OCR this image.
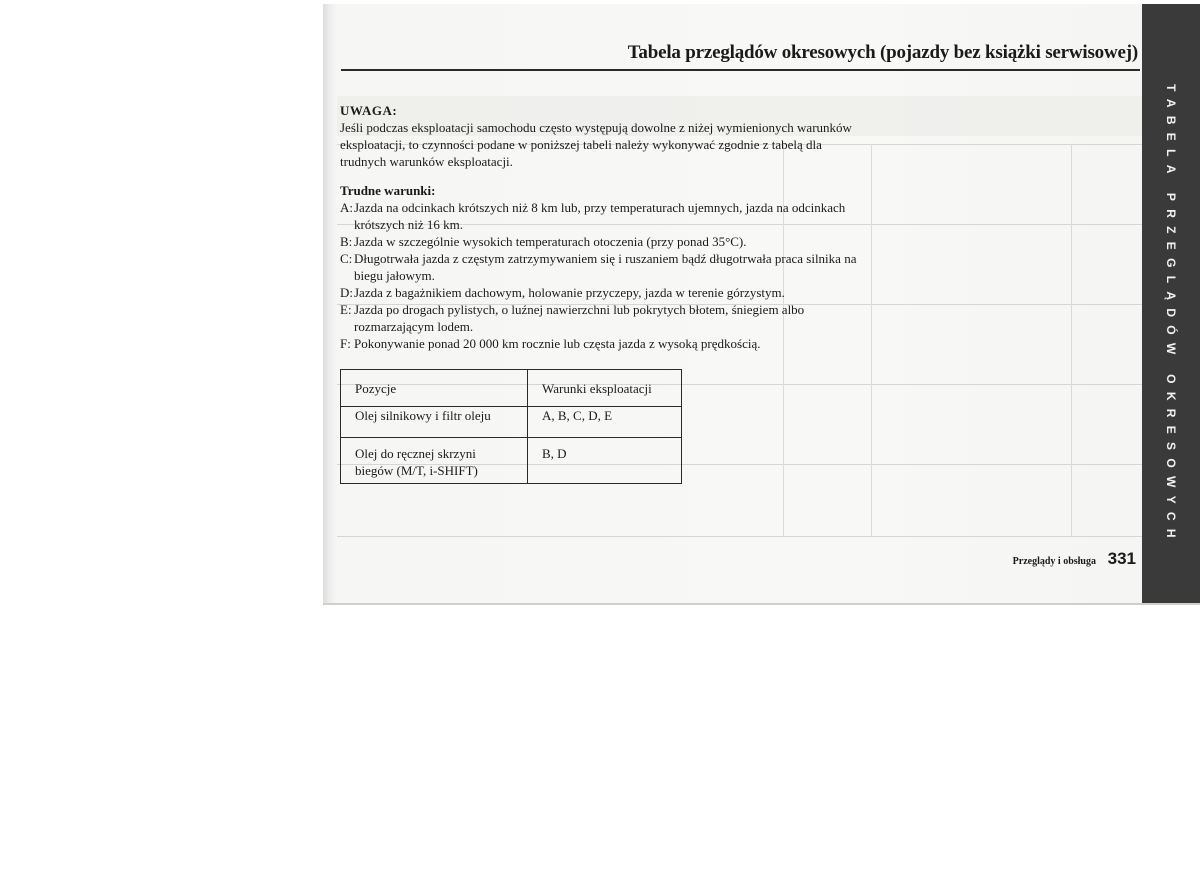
TABELA PRZEGLĄDÓW OKRESOWYCH
Tabela przeglądów okresowych (pojazdy bez książki serwisowej)

UWAGA:

Jeśli podczas eksploatacji samochodu często występują dowolne z niżej wymienionych warunków eksploatacji, to czynności podane w poniższej tabeli należy wykonywać zgodnie z tabelą dla trudnych warunków eksploatacji.

Trudne warunki:

A: Jazda na odcinkach krótszych niż 8 km lub, przy temperaturach ujemnych, jazda na odcinkach krótszych niż 16 km.
B: Jazda w szczególnie wysokich temperaturach otoczenia (przy ponad 35°C).
C: Długotrwała jazda z częstym zatrzymywaniem się i ruszaniem bądź długotrwała praca silnika na biegu jałowym.
D: Jazda z bagażnikiem dachowym, holowanie przyczepy, jazda w terenie górzystym.
E: Jazda po drogach pylistych, o luźnej nawierzchni lub pokrytych błotem, śniegiem albo rozmarzającym lodem.
F: Pokonywanie ponad 20 000 km rocznie lub częsta jazda z wysoką prędkością.
Pozycje	Warunki eksploatacji
Olej silnikowy i filtr oleju	A, B, C, D, E
Olej do ręcznej skrzyni biegów (M/T, i-SHIFT)	B, D
Przeglądy i obsługa 331
